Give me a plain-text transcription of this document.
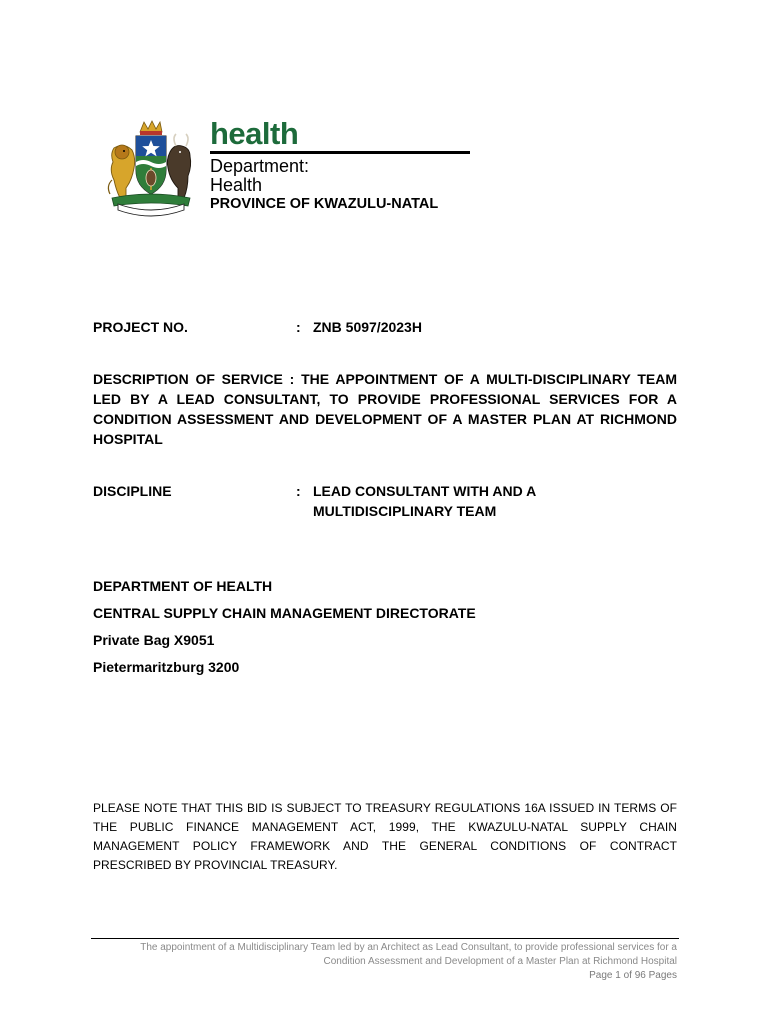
health
Department:
Health
PROVINCE OF KWAZULU-NATAL
PROJECT NO.	: ZNB 5097/2023H
DESCRIPTION OF SERVICE : THE APPOINTMENT OF A MULTI-DISCIPLINARY TEAM LED BY A LEAD CONSULTANT, TO PROVIDE PROFESSIONAL SERVICES FOR A CONDITION ASSESSMENT AND DEVELOPMENT OF A MASTER PLAN AT RICHMOND HOSPITAL
DISCIPLINE	: LEAD CONSULTANT WITH AND A MULTIDISCIPLINARY TEAM
DEPARTMENT OF HEALTH
CENTRAL SUPPLY CHAIN MANAGEMENT DIRECTORATE
Private Bag X9051
Pietermaritzburg 3200
PLEASE NOTE THAT THIS BID IS SUBJECT TO TREASURY REGULATIONS 16A ISSUED IN TERMS OF THE PUBLIC FINANCE MANAGEMENT ACT, 1999, THE KWAZULU-NATAL SUPPLY CHAIN MANAGEMENT POLICY FRAMEWORK AND THE GENERAL CONDITIONS OF CONTRACT PRESCRIBED BY PROVINCIAL TREASURY.
The appointment of a Multidisciplinary Team led by an Architect as Lead Consultant, to provide professional services for a
Condition Assessment and Development of a Master Plan at Richmond Hospital
Page 1 of 96 Pages
